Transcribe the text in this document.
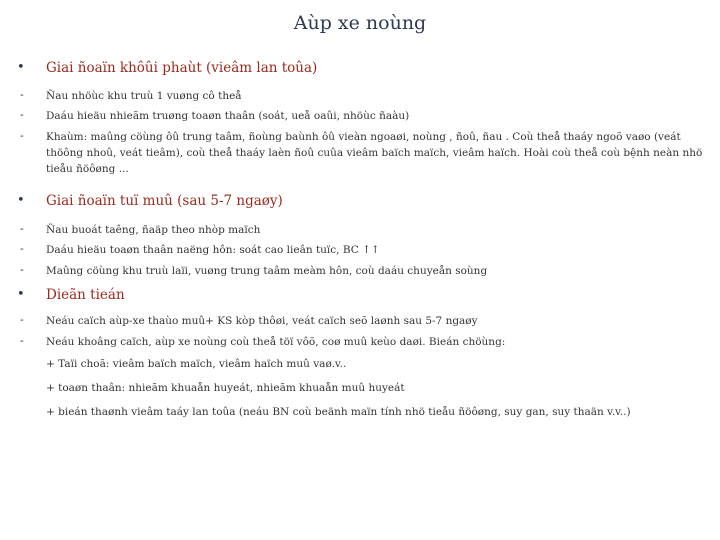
Aùp xe noùng
• Giai ñoaïn khôûi phaùt (vieâm lan toûa)
- Ñau nhöùc khu truù 1 vuøng cô theå
- Daáu hieäu nhieãm truøng toaøn thaân (soát, ueå oaûi, nhöùc ñaàu)
- Khaùm: maûng cöùng ôû trung taâm, ñoùng baùnh ôû vieàn ngoaøi, noùng , ñoû, ñau . Coù theå thaáy ngoõ vaøo (veát thöông nhoû, veát tieâm), coù theå thaáy laèn ñoû cuûa vieâm baïch maïch, vieâm haïch. Hoài coù theå coù bệnh neàn nhö tieåu ñöôøng ...
• Giai ñoaïn tuï muû (sau 5-7 ngaøy)
- Ñau buoát taêng, ñaäp theo nhòp maïch
- Daáu hieäu toaøn thaân naëng hôn: soát cao lieân tuïc, BC ↑↑
- Maûng cöùng khu truù laïi, vuøng trung taâm meàm hôn, coù daáu chuyeån soùng
• Dieãn tieán
- Neáu caïch aùp-xe thaùo muû+ KS kòp thôøi, veát caïch seõ laønh sau 5-7 ngaøy
- Neáu khoâng caïch, aùp xe noùng coù theå töï vôõ, coø muû keùo daøi. Bieán chöùng:
+ Taïi choã: vieâm baïch maïch, vieâm haïch muû vaø.v..
+ toaøn thaân: nhieãm khuaån huyeát, nhieãm khuaån muû huyeát
+ bieán thaønh vieâm taáy lan toûa (neáu BN coù beänh maïn tính nhö tieåu ñöôøng, suy gan, suy thaän v.v..)
